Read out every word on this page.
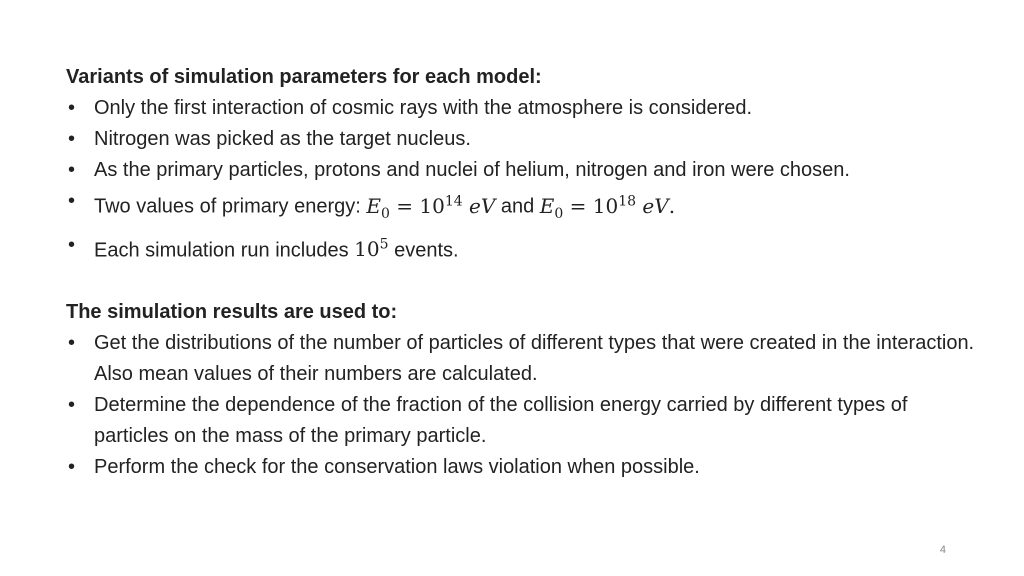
Variants of simulation parameters for each model:

• Only the first interaction of cosmic rays with the atmosphere is considered.
• Nitrogen was picked as the target nucleus.
• As the primary particles, protons and nuclei of helium, nitrogen and iron were chosen.
• Two values of primary energy: $E_0 = 10^{14}$ eV and $E_0 = 10^{18}$ eV.
• Each simulation run includes $10^5$ events.

The simulation results are used to:

• Get the distributions of the number of particles of different types that were created in the interaction. Also mean values of their numbers are calculated.
• Determine the dependence of the fraction of the collision energy carried by different types of particles on the mass of the primary particle.
• Perform the check for the conservation laws violation when possible.
4
